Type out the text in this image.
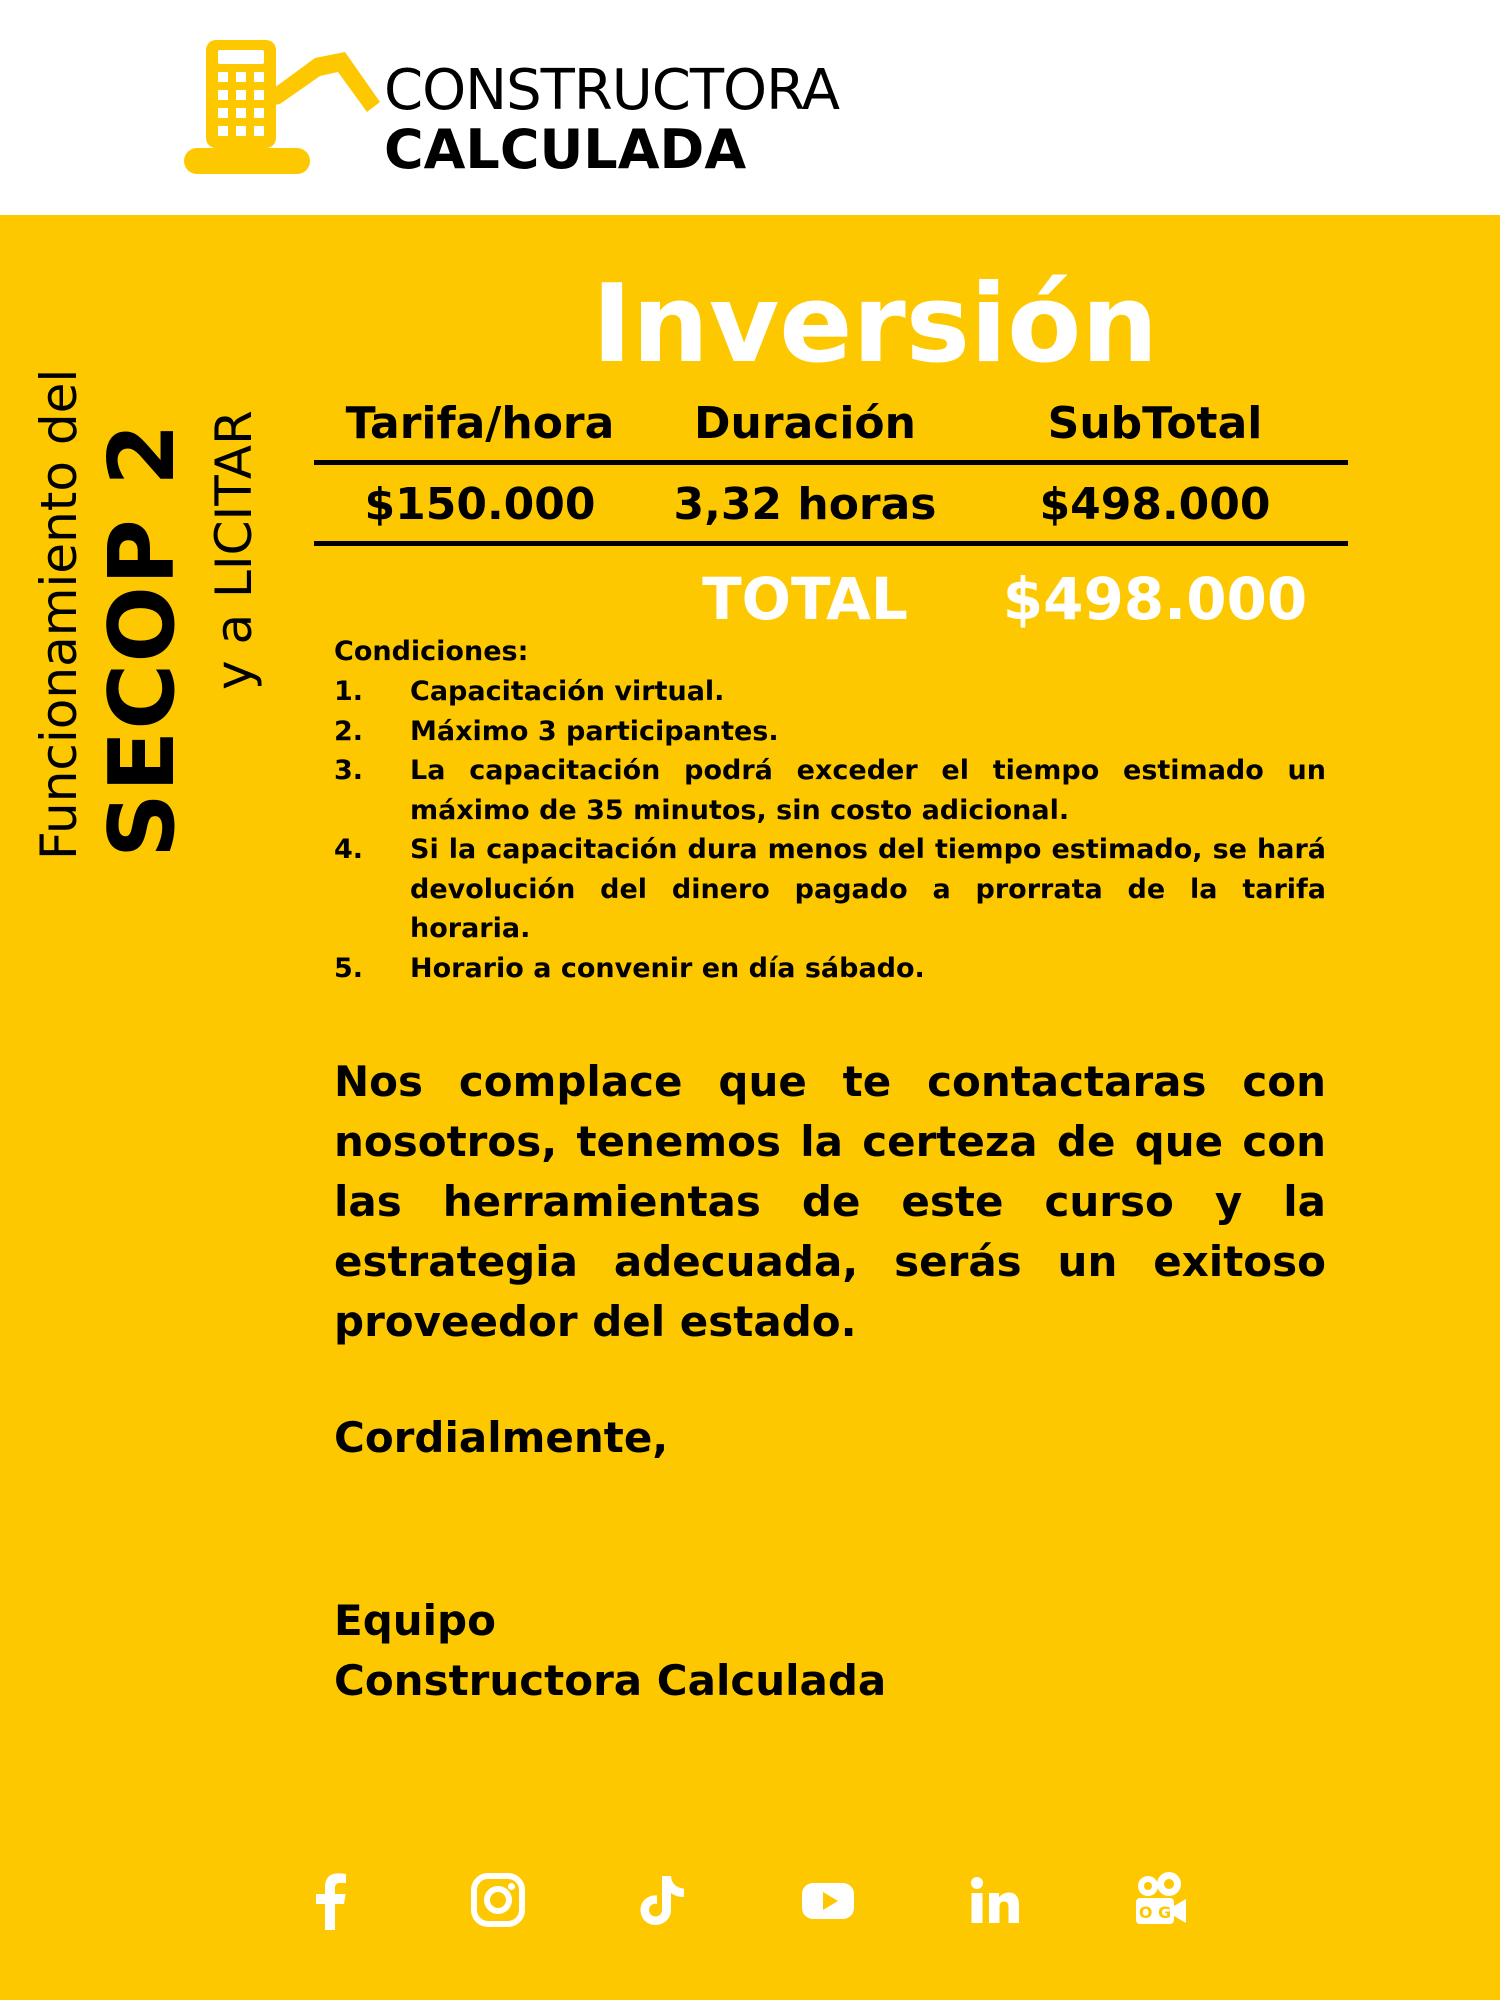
CONSTRUCTORA
CALCULADA
Funcionamiento del SECOP 2 y a LICITAR
Inversión
Tarifa/hora	Duración	SubTotal
$150.000	3,32 horas	$498.000
TOTAL	$498.000
Condiciones:
1. Capacitación virtual.
2. Máximo 3 participantes.
3. La capacitación podrá exceder el tiempo estimado un máximo de 35 minutos, sin costo adicional.
4. Si la capacitación dura menos del tiempo estimado, se hará devolución del dinero pagado a prorrata de la tarifa horaria.
5. Horario a convenir en día sábado.

Nos complace que te contactaras con nosotros, tenemos la certeza de que con las herramientas de este curso y la estrategia adecuada, serás un exitoso proveedor del estado.

Cordialmente,
Equipo
Constructora Calculada
O G
